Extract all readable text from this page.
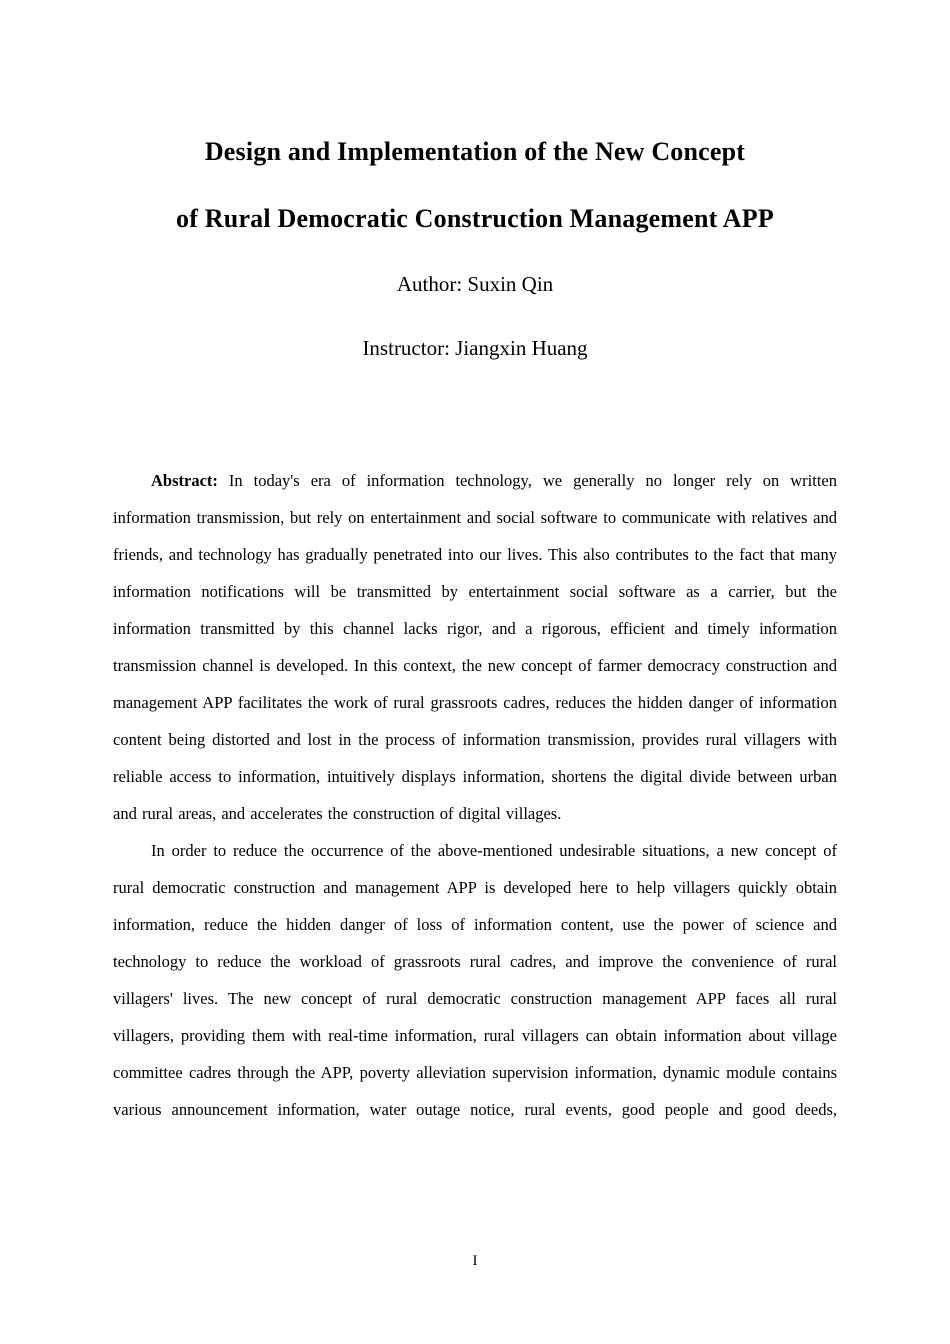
Design and Implementation of the New Concept
of Rural Democratic Construction Management APP
Author: Suxin Qin
Instructor: Jiangxin Huang

Abstract: In today's era of information technology, we generally no longer rely on written information transmission, but rely on entertainment and social software to communicate with relatives and friends, and technology has gradually penetrated into our lives. This also contributes to the fact that many information notifications will be transmitted by entertainment social software as a carrier, but the information transmitted by this channel lacks rigor, and a rigorous, efficient and timely information transmission channel is developed. In this context, the new concept of farmer democracy construction and management APP facilitates the work of rural grassroots cadres, reduces the hidden danger of information content being distorted and lost in the process of information transmission, provides rural villagers with reliable access to information, intuitively displays information, shortens the digital divide between urban and rural areas, and accelerates the construction of digital villages.

In order to reduce the occurrence of the above-mentioned undesirable situations, a new concept of rural democratic construction and management APP is developed here to help villagers quickly obtain information, reduce the hidden danger of loss of information content, use the power of science and technology to reduce the workload of grassroots rural cadres, and improve the convenience of rural villagers' lives. The new concept of rural democratic construction management APP faces all rural villagers, providing them with real-time information, rural villagers can obtain information about village committee cadres through the APP, poverty alleviation supervision information, dynamic module contains various announcement information, water outage notice, rural events, good people and good deeds,

I
